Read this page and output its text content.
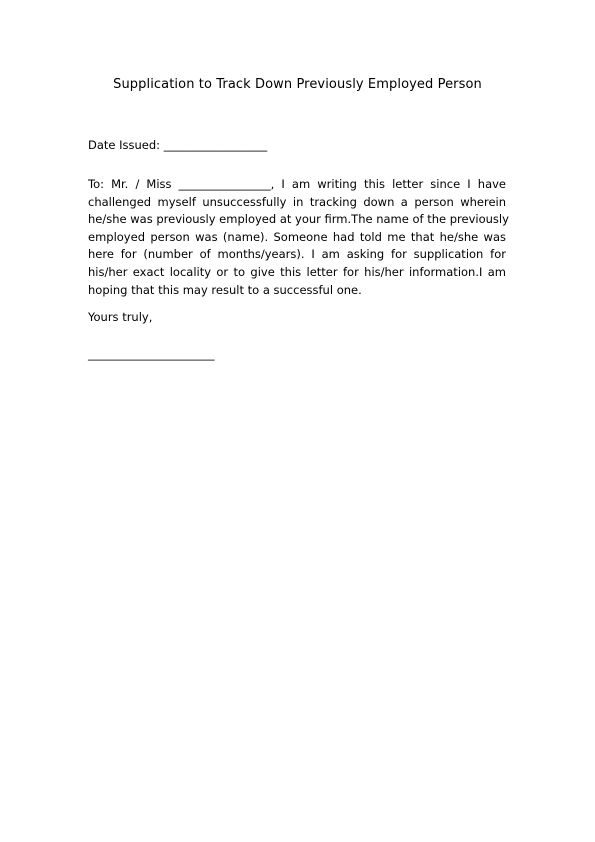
Supplication to Track Down Previously Employed Person
Date Issued: __________________
To: Mr. / Miss ________________, I am writing this letter since I have
challenged myself unsuccessfully in tracking down a person wherein
he/she was previously employed at your firm.The name of the previously
employed person was (name). Someone had told me that he/she was
here for (number of months/years). I am asking for supplication for
his/her exact locality or to give this letter for his/her information.I am
hoping that this may result to a successful one.
Yours truly,
______________________
